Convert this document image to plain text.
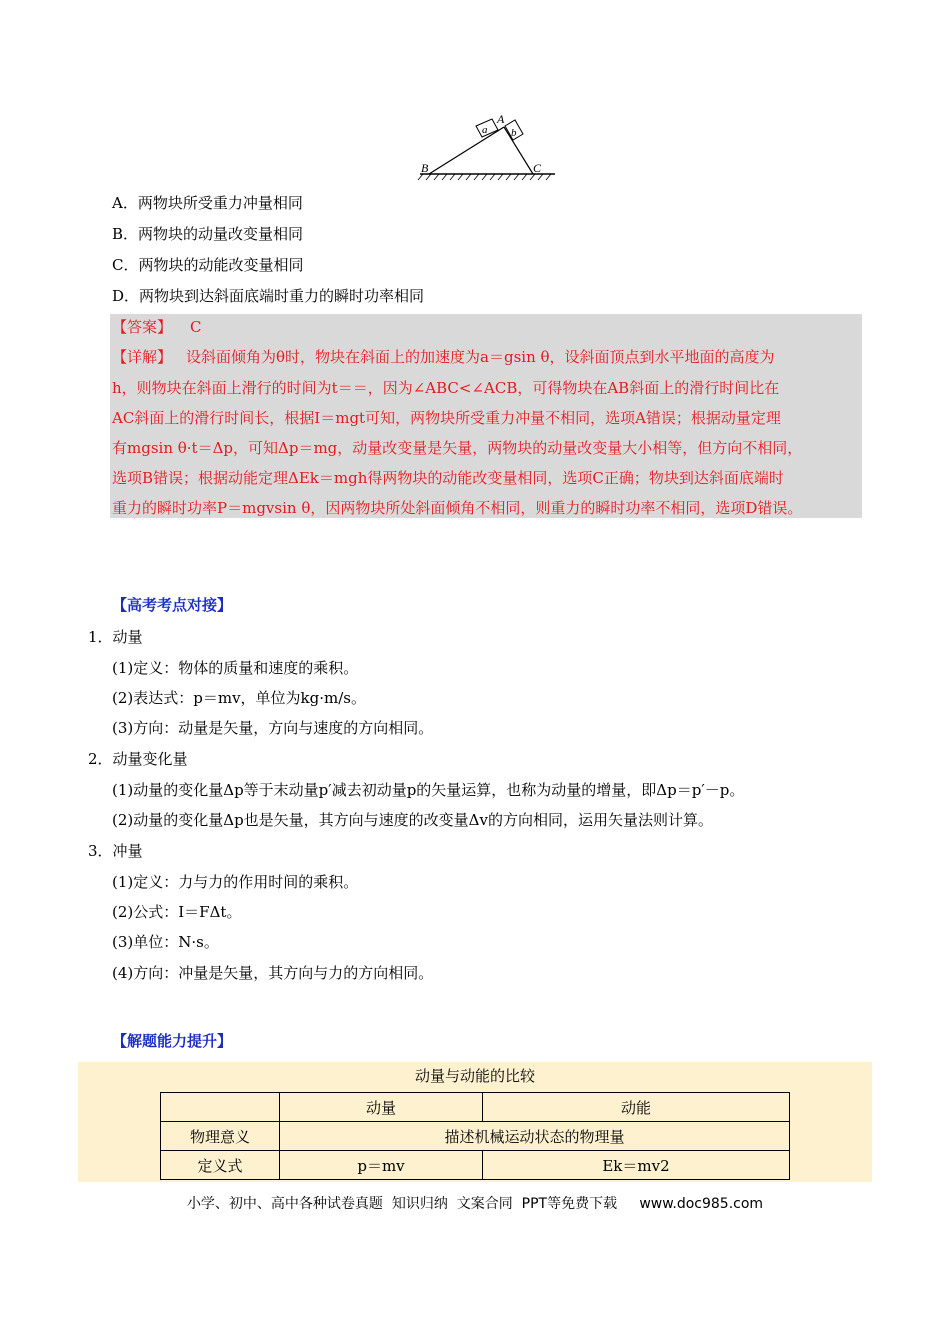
a
A
b
B	C
A．两物块所受重力冲量相同
B．两物块的动量改变量相同
C．两物块的动能改变量相同
D．两物块到达斜面底端时重力的瞬时功率相同
【答案】 C
【详解】 设斜面倾角为θ时，物块在斜面上的加速度为a＝gsin θ，设斜面顶点到水平地面的高度为
h，则物块在斜面上滑行的时间为t＝＝，因为∠ABC<∠ACB，可得物块在AB斜面上的滑行时间比在
AC斜面上的滑行时间长，根据I＝mgt可知，两物块所受重力冲量不相同，选项A错误；根据动量定理
有mgsin θ·t＝Δp，可知Δp＝mg，动量改变量是矢量，两物块的动量改变量大小相等，但方向不相同，
选项B错误；根据动能定理ΔEk＝mgh得两物块的动能改变量相同，选项C正确；物块到达斜面底端时
重力的瞬时功率P＝mgvsin θ，因两物块所处斜面倾角不相同，则重力的瞬时功率不相同，选项D错误。
【高考考点对接】
1．动量
(1)定义：物体的质量和速度的乘积。
(2)表达式：p＝mv，单位为kg·m/s。
(3)方向：动量是矢量，方向与速度的方向相同。
2．动量变化量
(1)动量的变化量Δp等于末动量p′减去初动量p的矢量运算，也称为动量的增量，即Δp＝p′－p。
(2)动量的变化量Δp也是矢量，其方向与速度的改变量Δv的方向相同，运用矢量法则计算。
3．冲量
(1)定义：力与力的作用时间的乘积。
(2)公式：I＝FΔt。
(3)单位：N·s。
(4)方向：冲量是矢量，其方向与力的方向相同。
【解题能力提升】
动量与动能的比较
	动量	动能
物理意义	描述机械运动状态的物理量	
定义式	p＝mv	Ek＝mv2
小学、初中、高中各种试卷真题  知识归纳  文案合同  PPT等免费下载     www.doc985.com
